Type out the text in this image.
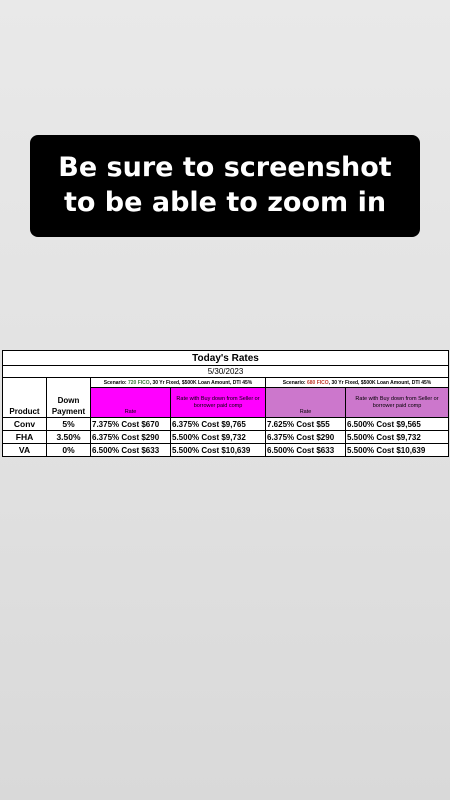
Be sure to screenshot
to be able to zoom in
Today's Rates					
5/30/2023					
Product	Down Payment	Scenario: 720 FICO, 30 Yr Fixed, $500K Loan Amount, DTI 45%		Scenario: 680 FICO, 30 Yr Fixed, $500K Loan Amount, DTI 45%	
		Rate	Rate with Buy down from Seller or borrower paid comp	Rate	Rate with Buy down from Seller or borrower paid comp

Conv	5%	7.375% Cost $670	6.375% Cost $9,765	7.625% Cost $55	6.500% Cost $9,565
FHA	3.50%	6.375% Cost $290	5.500% Cost $9,732	6.375% Cost $290	5.500% Cost $9,732
VA	0%	6.500% Cost $633	5.500% Cost $10,639	6.500% Cost $633	5.500% Cost $10,639
